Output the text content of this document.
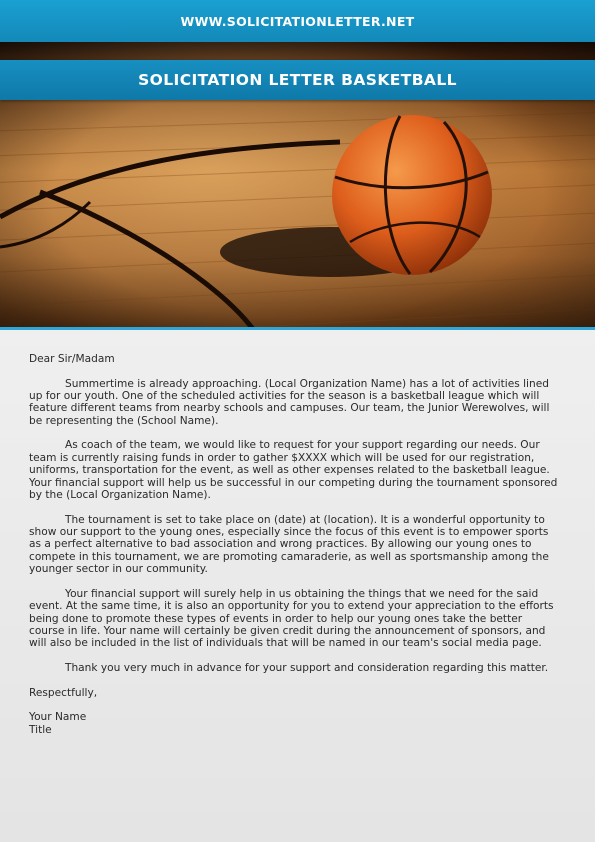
WWW.SOLICITATIONLETTER.NET
SOLICITATION LETTER BASKETBALL

Dear Sir/Madam

Summertime is already approaching. (Local Organization Name) has a lot of activities lined up for our youth. One of the scheduled activities for the season is a basketball league which will feature different teams from nearby schools and campuses. Our team, the Junior Werewolves, will be representing the (School Name).

As coach of the team, we would like to request for your support regarding our needs. Our team is currently raising funds in order to gather $XXXX which will be used for our registration, uniforms, transportation for the event, as well as other expenses related to the basketball league. Your financial support will help us be successful in our competing during the tournament sponsored by the (Local Organization Name).

The tournament is set to take place on (date) at (location). It is a wonderful opportunity to show our support to the young ones, especially since the focus of this event is to empower sports as a perfect alternative to bad association and wrong practices. By allowing our young ones to compete in this tournament, we are promoting camaraderie, as well as sportsmanship among the younger sector in our community.

Your financial support will surely help in us obtaining the things that we need for the said event. At the same time, it is also an opportunity for you to extend your appreciation to the efforts being done to promote these types of events in order to help our young ones take the better course in life. Your name will certainly be given credit during the announcement of sponsors, and will also be included in the list of individuals that will be named in our team's social media page.

Thank you very much in advance for your support and consideration regarding this matter.

Respectfully,

Your Name

Title
